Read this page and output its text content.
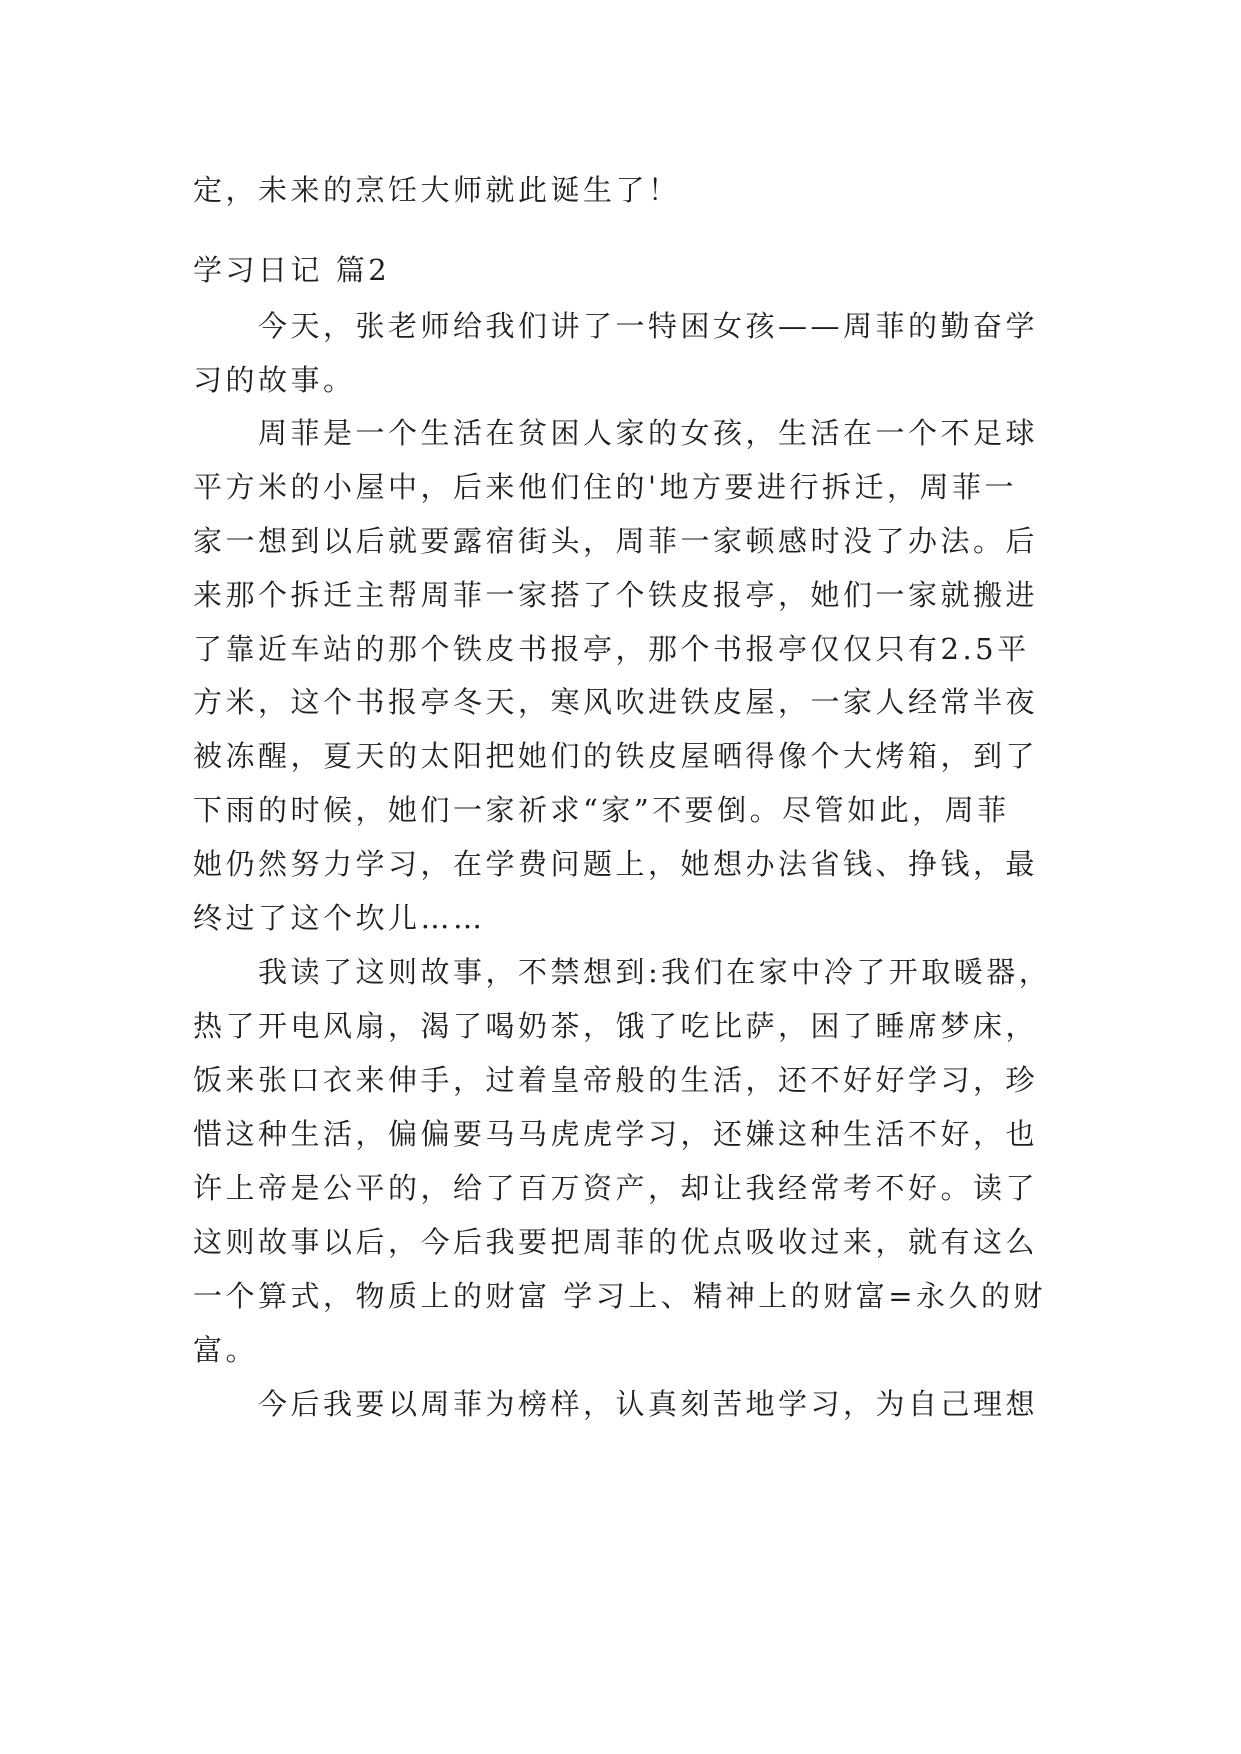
定，未来的烹饪大师就此诞生了！
学习日记 篇2
今天，张老师给我们讲了一特困女孩——周菲的勤奋学
习的故事。
周菲是一个生活在贫困人家的女孩，生活在一个不足球
平方米的小屋中，后来他们住的'地方要进行拆迁，周菲一
家一想到以后就要露宿街头，周菲一家顿感时没了办法。后
来那个拆迁主帮周菲一家搭了个铁皮报亭，她们一家就搬进
了靠近车站的那个铁皮书报亭，那个书报亭仅仅只有2.5平
方米，这个书报亭冬天，寒风吹进铁皮屋，一家人经常半夜
被冻醒，夏天的太阳把她们的铁皮屋晒得像个大烤箱，到了
下雨的时候，她们一家祈求“家”不要倒。尽管如此，周菲
她仍然努力学习，在学费问题上，她想办法省钱、挣钱，最
终过了这个坎儿……
我读了这则故事，不禁想到:我们在家中冷了开取暖器，
热了开电风扇，渴了喝奶茶，饿了吃比萨，困了睡席梦床，
饭来张口衣来伸手，过着皇帝般的生活，还不好好学习，珍
惜这种生活，偏偏要马马虎虎学习，还嫌这种生活不好，也
许上帝是公平的，给了百万资产，却让我经常考不好。读了
这则故事以后，今后我要把周菲的优点吸收过来，就有这么
一个算式，物质上的财富 学习上、精神上的财富=永久的财
富。
今后我要以周菲为榜样，认真刻苦地学习，为自己理想
